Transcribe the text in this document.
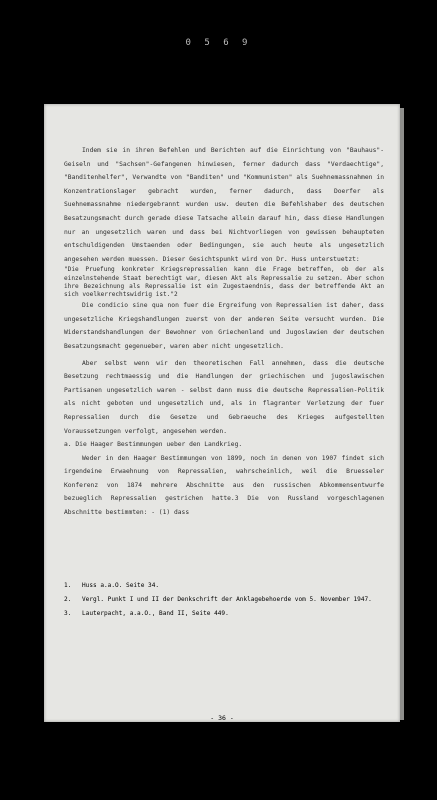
0 5 6 9

Indem sie in ihren Befehlen und Berichten auf die Einrichtung von "Bauhaus"-Geiseln und "Sachsen"-Gefangenen hinwiesen, ferner dadurch dass "Verdaechtige", "Banditenhelfer", Verwandte von "Banditen" und "Kommunisten" als Suehnemassnahmen in Konzentrationslager gebracht wurden, ferner dadurch, dass Doerfer als Suehnemassnahme niedergebrannt wurden usw. deuten die Befehlshaber des deutschen Besatzungsmacht durch gerade diese Tatsache allein darauf hin, dass diese Handlungen nur an ungesetzlich waren und dass bei Nichtvorliegen von gewissen behaupteten entschuldigenden Umstaenden oder Bedingungen, sie auch heute als ungesetzlich angesehen werden muessen. Dieser Gesichtspunkt wird von Dr. Huss unterstuetzt:

"Die Pruefung konkreter Kriegsrepressalien kann die Frage betreffen, ob der als einzelnstehende Staat berechtigt war, diesen Akt als Repressalie zu setzen. Aber schon ihre Bezeichnung als Repressalie ist ein Zugestaendnis, dass der betreffende Akt an sich voelkerrechtswidrig ist."2

Die condicio sine qua non fuer die Ergreifung von Repressalien ist daher, dass ungesetzliche Kriegshandlungen zuerst von der anderen Seite versucht wurden. Die Widerstandshandlungen der Bewohner von Griechenland und Jugoslawien der deutschen Besatzungsmacht gegenueber, waren aber nicht ungesetzlich.

Aber selbst wenn wir den theoretischen Fall annehmen, dass die deutsche Besetzung rechtmaessig und die Handlungen der griechischen und jugoslawischen Partisanen ungesetzlich waren - selbst dann muss die deutsche Repressalien-Politik als nicht geboten und ungesetzlich und, als in flagranter Verletzung der fuer Repressalien durch die Gesetze und Gebraeuche des Krieges aufgestellten Voraussetzungen verfolgt, angesehen werden.

a. Die Haager Bestimmungen ueber den Landkrieg.

Weder in den Haager Bestimmungen von 1899, noch in denen von 1907 findet sich irgendeine Erwaehnung von Repressalien, wahrscheinlich, weil die Bruesseler Konferenz von 1874 mehrere Abschnitte aus den russischen Abkommensentwurfe bezueglich Repressalien gestrichen hatte.3 Die von Russland vorgeschlagenen Abschnitte bestimmten: - (1) dass

1.	Huss a.a.O. Seite 34.
2.	Vergl. Punkt I und II der Denkschrift der Anklagebehoerde vom 5. November 1947.
3.	Lauterpacht, a.a.O., Band II, Seite 449.
- 36 -
